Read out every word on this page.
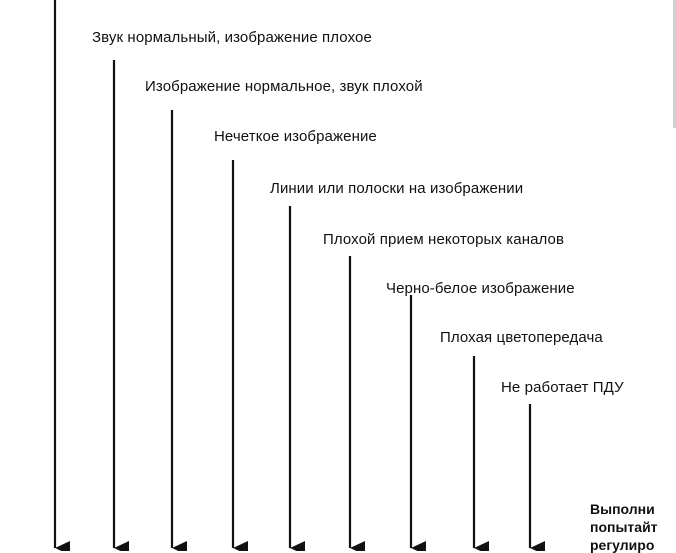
Звук нормальный, изображение плохое
Изображение нормальное, звук плохой
Нечеткое изображение
Линии или полоски на изображении
Плохой прием некоторых каналов
Черно-белое изображение
Плохая цветопередача
Не работает ПДУ
Выполни
попытайт
регулиро
